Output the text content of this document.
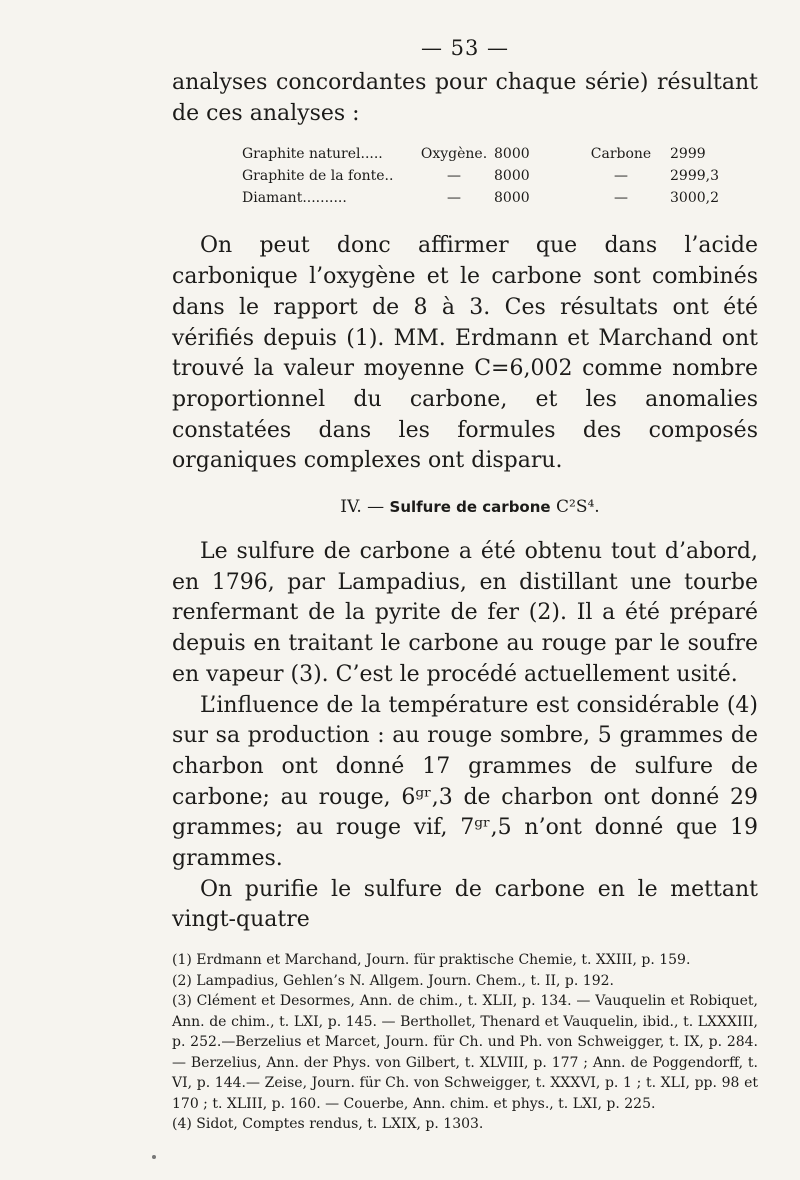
— 53 —

analyses concordantes pour chaque série) résultant de ces analyses :

Graphite naturel.....	Oxygène.	8000	Carbone	2999
Graphite de la fonte..	—	8000	—	2999,3
Diamant..........	—	8000	—	3000,2

On peut donc affirmer que dans l’acide carbonique l’oxygène et le carbone sont combinés dans le rapport de 8 à 3. Ces résultats ont été vérifiés depuis (1). MM. Erdmann et Marchand ont trouvé la valeur moyenne C=6,002 comme nombre proportionnel du carbone, et les anomalies constatées dans les formules des composés organiques complexes ont disparu.

IV. — Sulfure de carbone C²S⁴.

Le sulfure de carbone a été obtenu tout d’abord, en 1796, par Lampadius, en distillant une tourbe renfermant de la pyrite de fer (2). Il a été préparé depuis en traitant le carbone au rouge par le soufre en vapeur (3). C’est le procédé actuellement usité.

L’influence de la température est considérable (4) sur sa production : au rouge sombre, 5 grammes de charbon ont donné 17 grammes de sulfure de carbone; au rouge, 6ᵍʳ,3 de charbon ont donné 29 grammes; au rouge vif, 7ᵍʳ,5 n’ont donné que 19 grammes.

On purifie le sulfure de carbone en le mettant vingt-quatre

(1) Erdmann et Marchand, Journ. für praktische Chemie, t. XXIII, p. 159.

(2) Lampadius, Gehlen’s N. Allgem. Journ. Chem., t. II, p. 192.

(3) Clément et Desormes, Ann. de chim., t. XLII, p. 134. — Vauquelin et Robiquet, Ann. de chim., t. LXI, p. 145. — Berthollet, Thenard et Vauquelin, ibid., t. LXXXIII, p. 252.—Berzelius et Marcet, Journ. für Ch. und Ph. von Schweigger, t. IX, p. 284. — Berzelius, Ann. der Phys. von Gilbert, t. XLVIII, p. 177 ; Ann. de Poggendorff, t. VI, p. 144.— Zeise, Journ. für Ch. von Schweigger, t. XXXVI, p. 1 ; t. XLI, pp. 98 et 170 ; t. XLIII, p. 160. — Couerbe, Ann. chim. et phys., t. LXI, p. 225.

(4) Sidot, Comptes rendus, t. LXIX, p. 1303.
